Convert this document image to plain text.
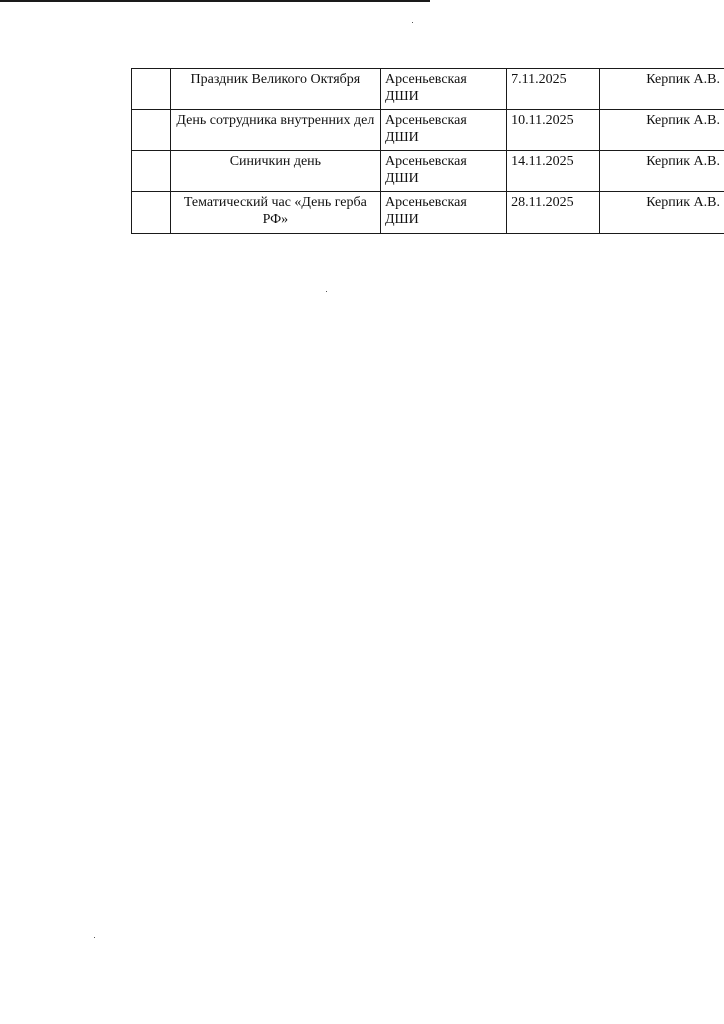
	Праздник Великого Октября	Арсеньевская ДШИ	7.11.2025	Керпик А.В.
	День сотрудника внутренних дел	Арсеньевская ДШИ	10.11.2025	Керпик А.В.
	Синичкин день	Арсеньевская ДШИ	14.11.2025	Керпик А.В.
	Тематический час «День герба РФ»	Арсеньевская ДШИ	28.11.2025	Керпик А.В.
